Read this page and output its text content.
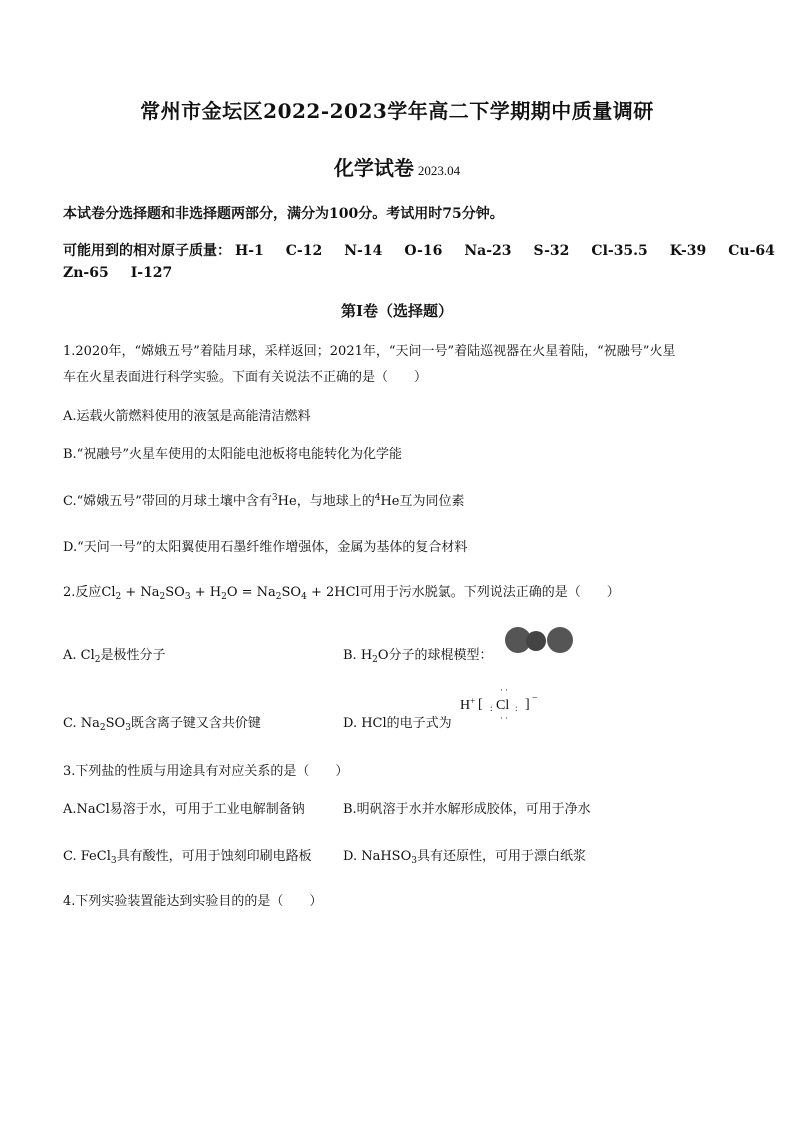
常州市金坛区2022-2023学年高二下学期期中质量调研
化学试卷 2023.04
本试卷分选择题和非选择题两部分，满分为100分。考试用时75分钟。
可能用到的相对原子质量： H-1 C-12 N-14 O-16 Na-23 S-32 Cl-35.5 K-39 Cu-64
Zn-65 I-127
第Ⅰ卷（选择题）
1.2020年，“嫦娥五号”着陆月球，采样返回；2021年，“天问一号”着陆巡视器在火星着陆，“祝融号”火星
车在火星表面进行科学实验。下面有关说法不正确的是（　　）
A.运载火箭燃料使用的液氢是高能清洁燃料
B.“祝融号”火星车使用的太阳能电池板将电能转化为化学能
C.“嫦娥五号”带回的月球土壤中含有$^3$He，与地球上的$^4$He互为同位素
D.“天问一号”的太阳翼使用石墨纤维作增强体，金属为基体的复合材料
2.反应$Cl_2 + Na_2SO_3 + H_2O = Na_2SO_4 + 2HCl$可用于污水脱氯。下列说法正确的是（　　）
A. $Cl_2$是极性分子	B. $H_2O$分子的球棍模型：
C. $Na_2SO_3$既含离子键又含共价键	D. HCl的电子式为
H+ [ : Cl : ] −
··
··
3.下列盐的性质与用途具有对应关系的是（　　）
A.NaCl易溶于水，可用于工业电解制备钠	B.明矾溶于水并水解形成胶体，可用于净水
C. FeCl$_3$具有酸性，可用于蚀刻印刷电路板 D. NaHSO$_3$具有还原性，可用于漂白纸浆
4.下列实验装置能达到实验目的的是（　　）
